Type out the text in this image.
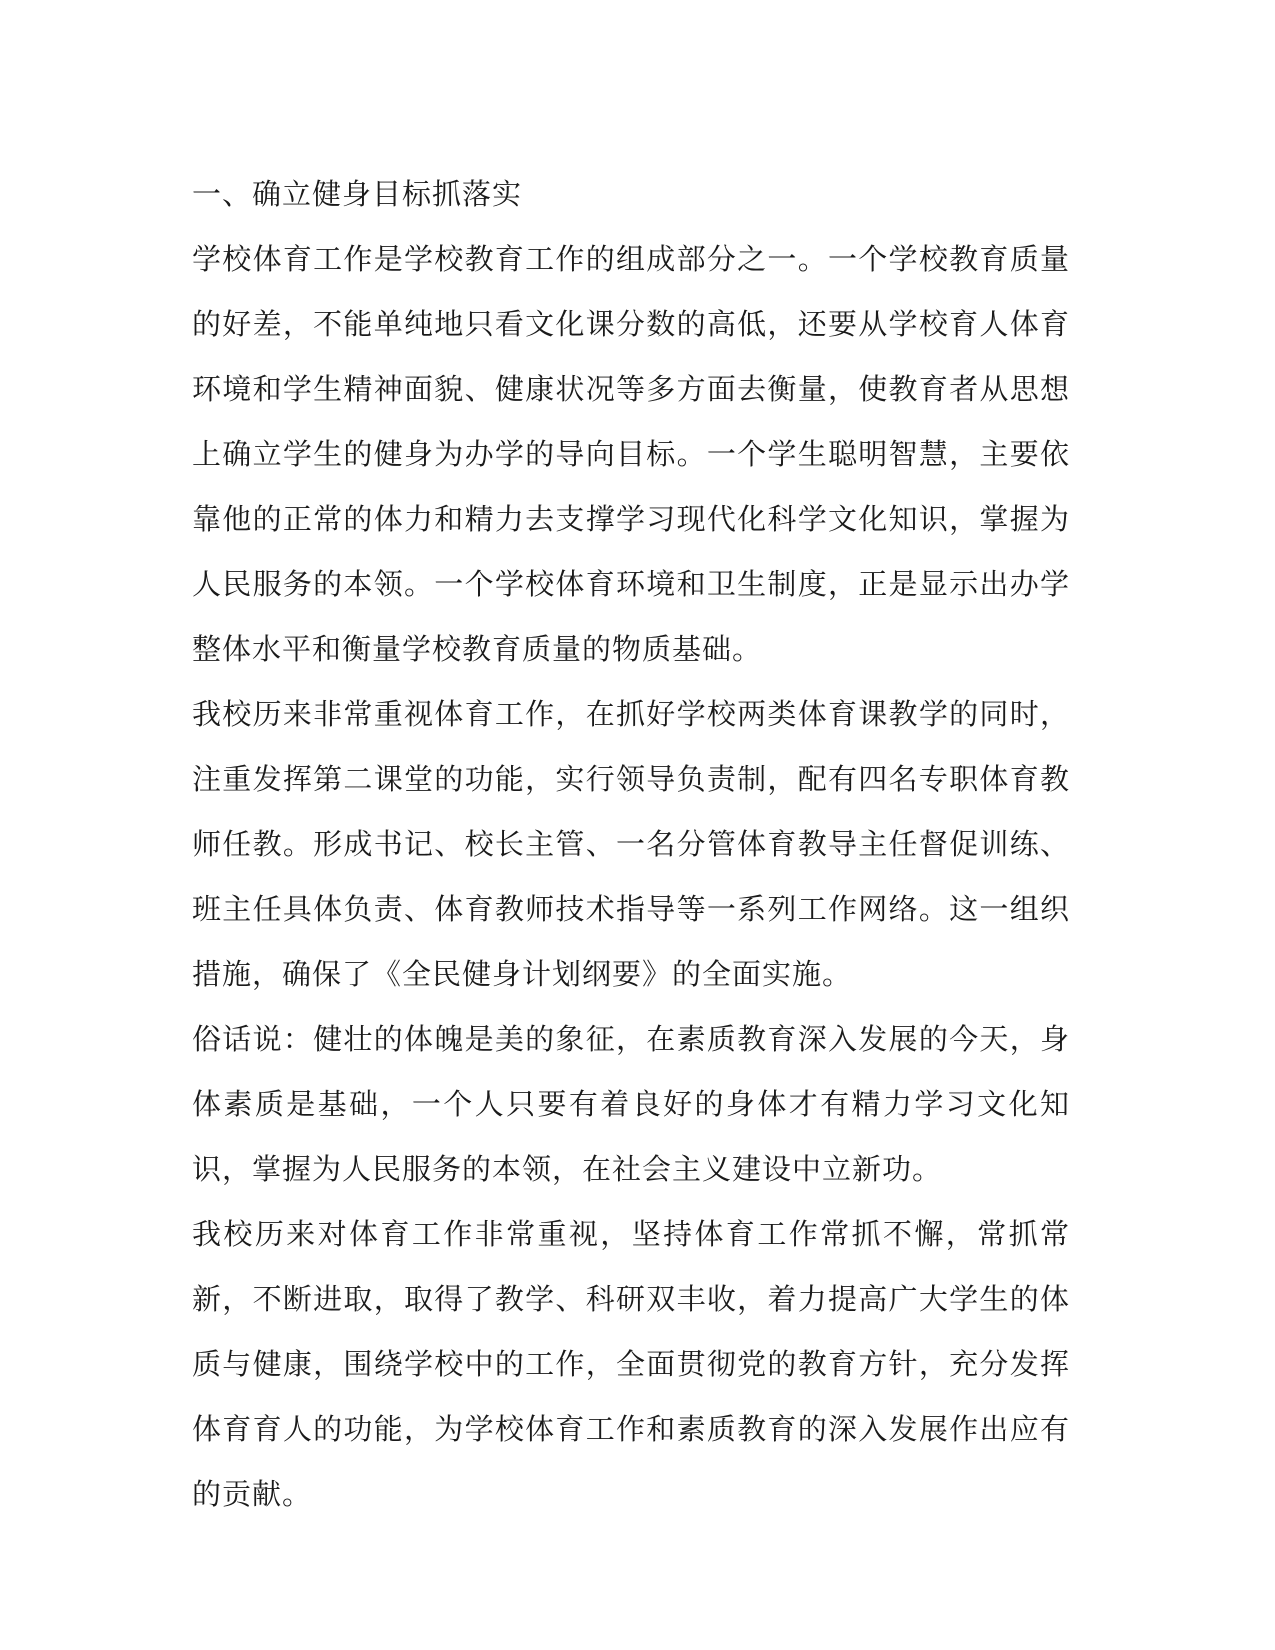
一、确立健身目标抓落实

学校体育工作是学校教育工作的组成部分之一。一个学校教育质量的好差，不能单纯地只看文化课分数的高低，还要从学校育人体育环境和学生精神面貌、健康状况等多方面去衡量，使教育者从思想上确立学生的健身为办学的导向目标。一个学生聪明智慧，主要依靠他的正常的体力和精力去支撑学习现代化科学文化知识，掌握为人民服务的本领。一个学校体育环境和卫生制度，正是显示出办学整体水平和衡量学校教育质量的物质基础。

我校历来非常重视体育工作，在抓好学校两类体育课教学的同时，注重发挥第二课堂的功能，实行领导负责制，配有四名专职体育教师任教。形成书记、校长主管、一名分管体育教导主任督促训练、班主任具体负责、体育教师技术指导等一系列工作网络。这一组织措施，确保了《全民健身计划纲要》的全面实施。

俗话说：健壮的体魄是美的象征，在素质教育深入发展的今天，身体素质是基础，一个人只要有着良好的身体才有精力学习文化知识，掌握为人民服务的本领，在社会主义建设中立新功。

我校历来对体育工作非常重视，坚持体育工作常抓不懈，常抓常新，不断进取，取得了教学、科研双丰收，着力提高广大学生的体质与健康，围绕学校中的工作，全面贯彻党的教育方针，充分发挥体育育人的功能，为学校体育工作和素质教育的深入发展作出应有的贡献。
